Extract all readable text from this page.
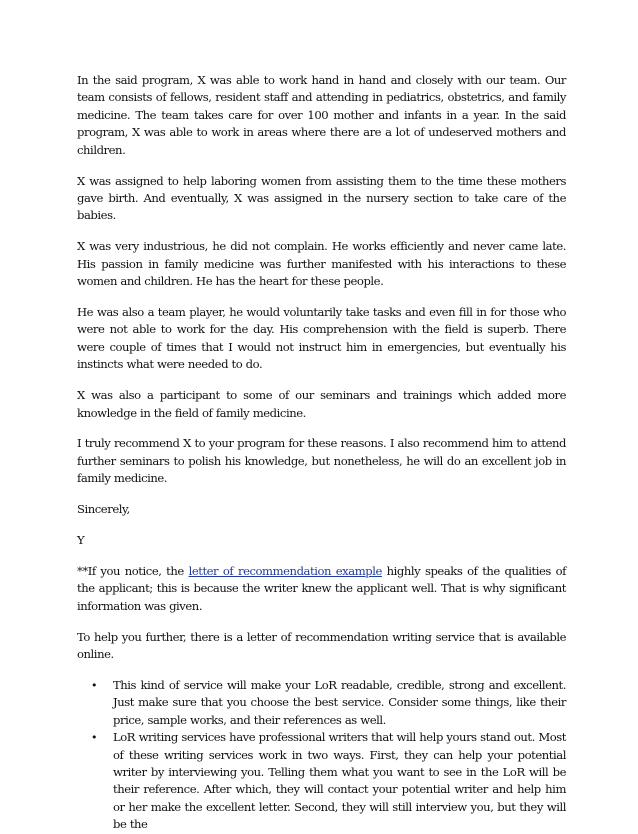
In the said program, X was able to work hand in hand and closely with our team. Our team consists of fellows, resident staff and attending in pediatrics, obstetrics, and family medicine. The team takes care for over 100 mother and infants in a year. In the said program, X was able to work in areas where there are a lot of undeserved mothers and children.

X was assigned to help laboring women from assisting them to the time these mothers gave birth. And eventually, X was assigned in the nursery section to take care of the babies.

X was very industrious, he did not complain. He works efficiently and never came late. His passion in family medicine was further manifested with his interactions to these women and children. He has the heart for these people.

He was also a team player, he would voluntarily take tasks and even fill in for those who were not able to work for the day. His comprehension with the field is superb. There were couple of times that I would not instruct him in emergencies, but eventually his instincts what were needed to do.

X was also a participant to some of our seminars and trainings which added more knowledge in the field of family medicine.

I truly recommend X to your program for these reasons. I also recommend him to attend further seminars to polish his knowledge, but nonetheless, he will do an excellent job in family medicine.

Sincerely,

Y

**If you notice, the letter of recommendation example highly speaks of the qualities of the applicant; this is because the writer knew the applicant well. That is why significant information was given.

To help you further, there is a letter of recommendation writing service that is available online.

• This kind of service will make your LoR readable, credible, strong and excellent. Just make sure that you choose the best service. Consider some things, like their price, sample works, and their references as well.
• LoR writing services have professional writers that will help yours stand out. Most of these writing services work in two ways. First, they can help your potential writer by interviewing you. Telling them what you want to see in the LoR will be their reference. After which, they will contact your potential writer and help him or her make the excellent letter. Second, they will still interview you, but they will be the
